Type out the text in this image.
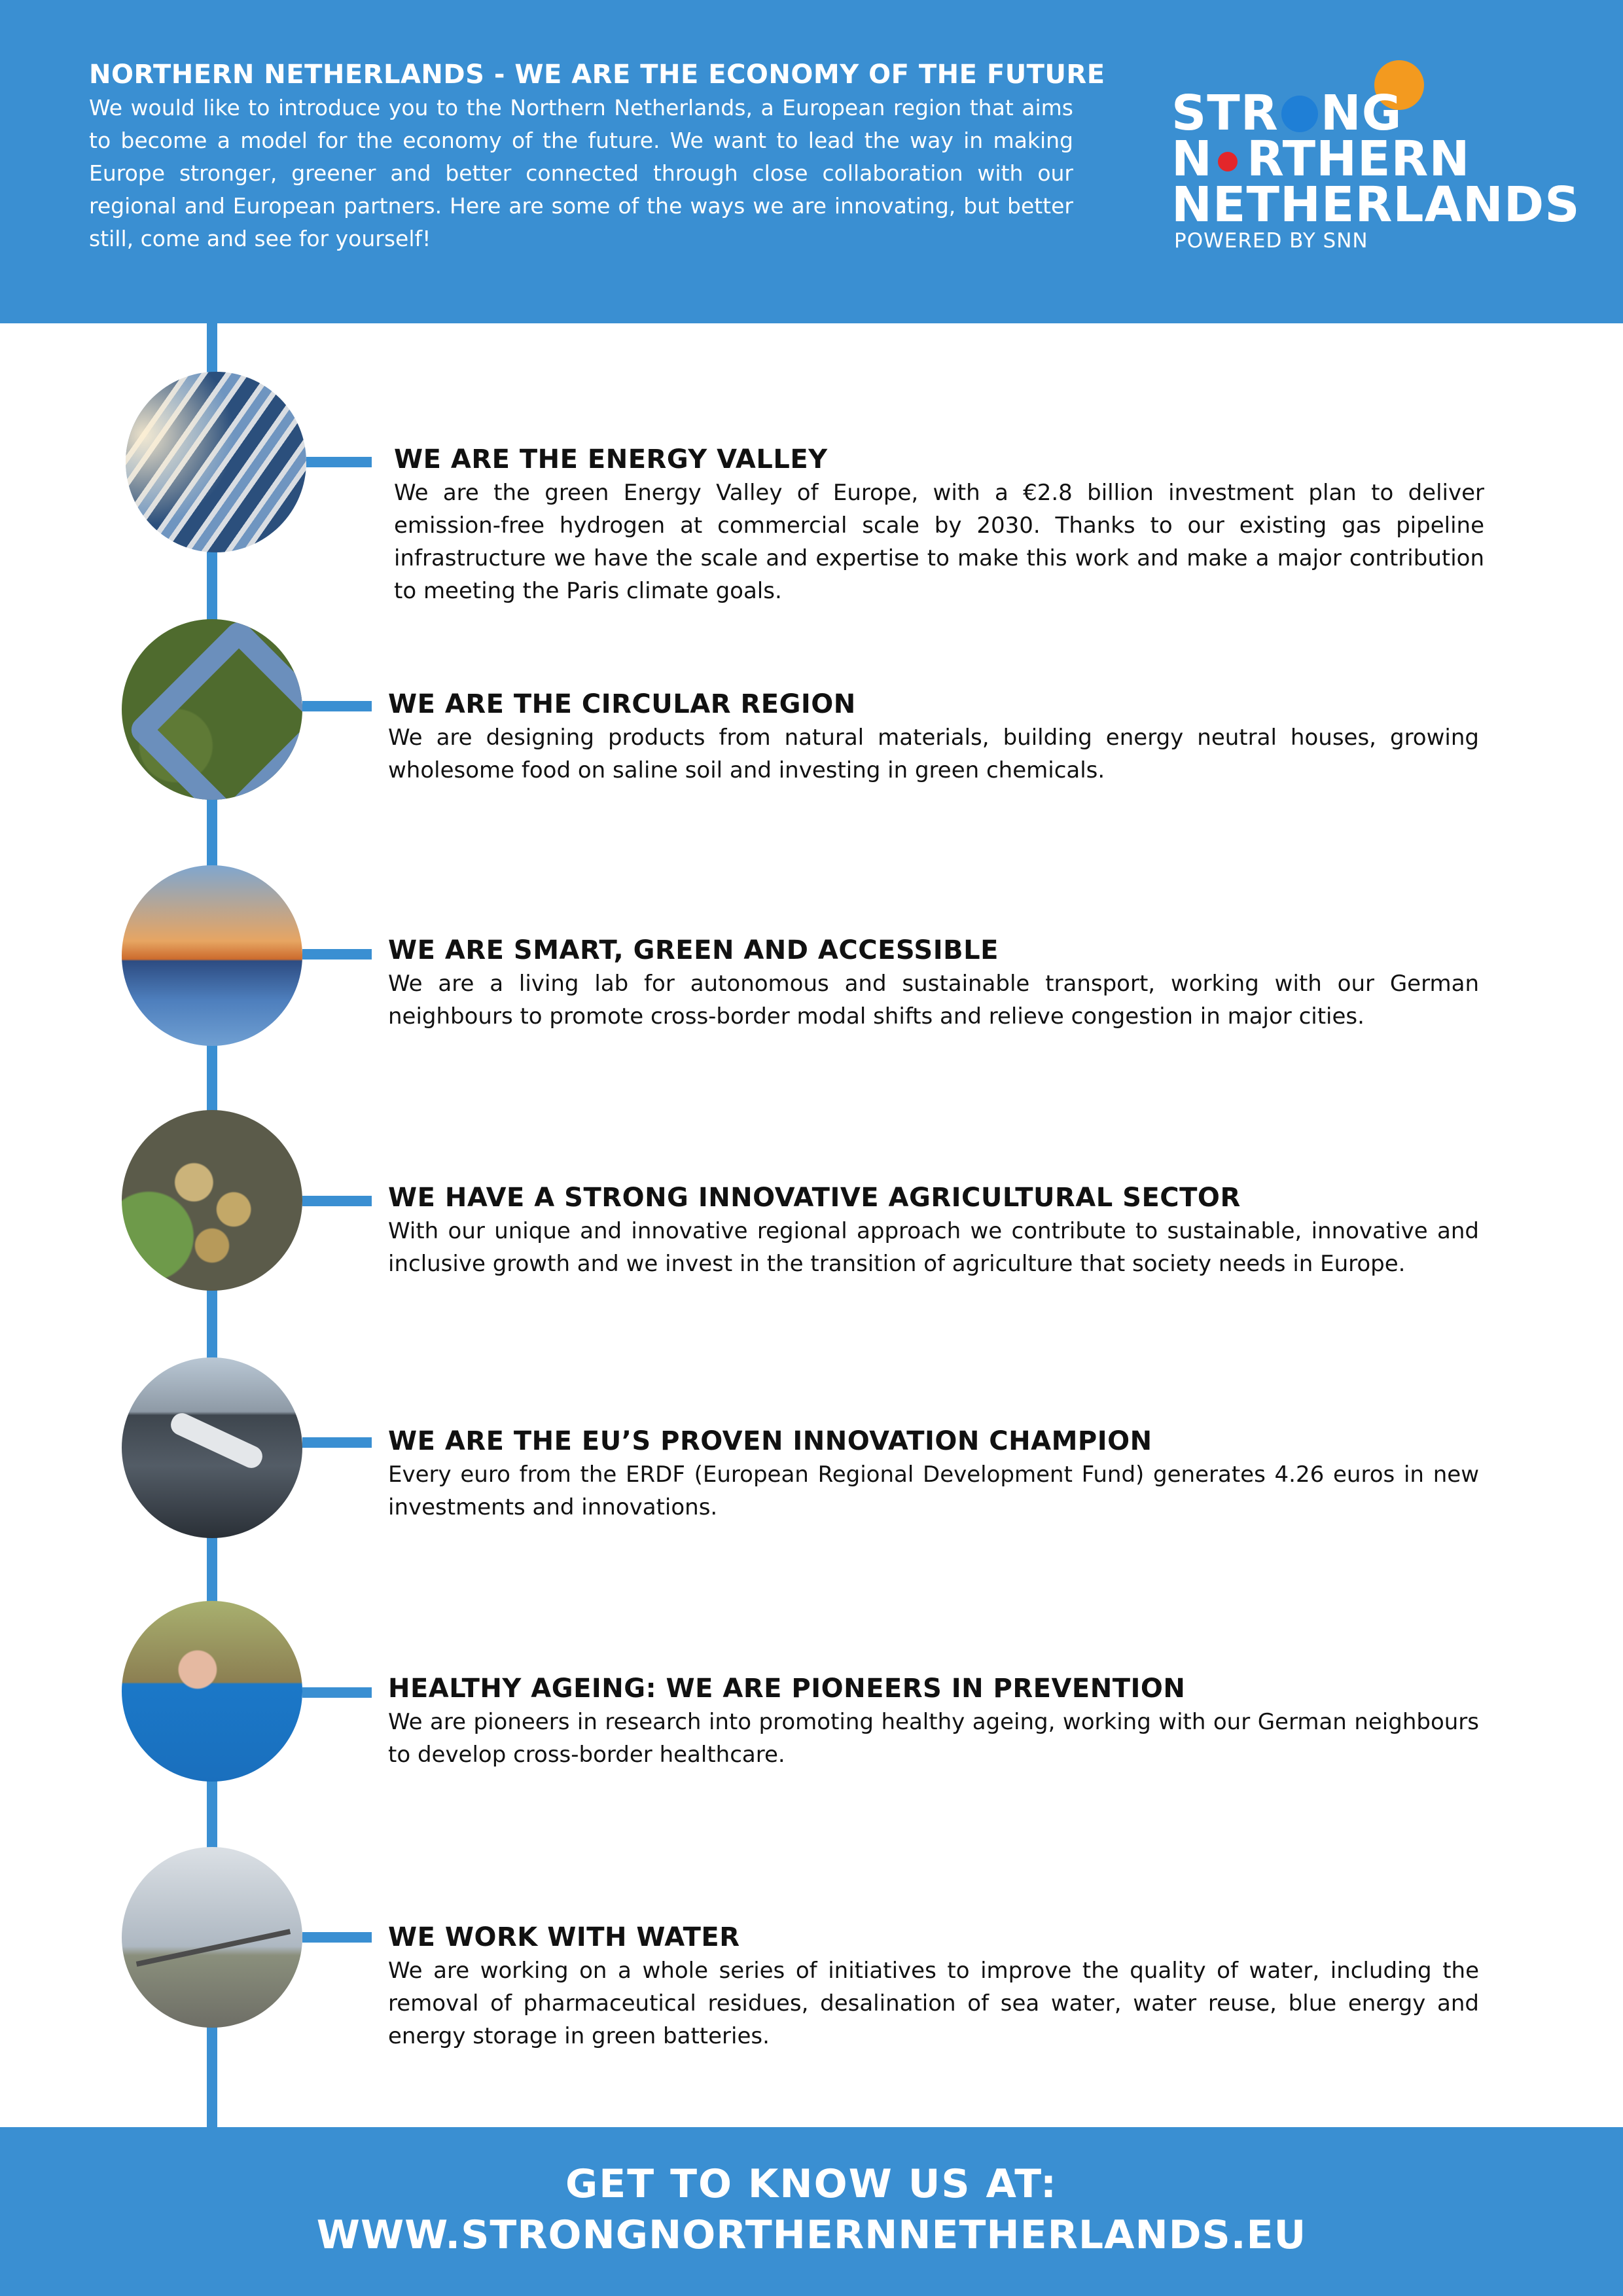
NORTHERN NETHERLANDS - WE ARE THE ECONOMY OF THE FUTURE

We would like to introduce you to the Northern Netherlands, a European region that aims to become a model for the economy of the future. We want to lead the way in making Europe stronger, greener and better connected through close collaboration with our regional and European partners. Here are some of the ways we are innovating, but better still, come and see for yourself!

STR NG
N RTHERN
NETHERLANDS
POWERED BY SNN
WE ARE THE ENERGY VALLEY

We are the green Energy Valley of Europe, with a €2.8 billion investment plan to deliver emission-free hydrogen at commercial scale by 2030. Thanks to our existing gas pipeline infrastructure we have the scale and expertise to make this work and make a major contribution to meeting the Paris climate goals.

WE ARE THE CIRCULAR REGION

We are designing products from natural materials, building energy neutral houses, growing wholesome food on saline soil and investing in green chemicals.

WE ARE SMART, GREEN AND ACCESSIBLE

We are a living lab for autonomous and sustainable transport, working with our German neighbours to promote cross-border modal shifts and relieve congestion in major cities.

WE HAVE A STRONG INNOVATIVE AGRICULTURAL SECTOR

With our unique and innovative regional approach we contribute to sustainable, innovative and inclusive growth and we invest in the transition of agriculture that society needs in Europe.

WE ARE THE EU’S PROVEN INNOVATION CHAMPION

Every euro from the ERDF (European Regional Development Fund) generates 4.26 euros in new investments and innovations.

HEALTHY AGEING: WE ARE PIONEERS IN PREVENTION

We are pioneers in research into promoting healthy ageing, working with our German neighbours to develop cross-border healthcare.

WE WORK WITH WATER

We are working on a whole series of initiatives to improve the quality of water, including the removal of pharmaceutical residues, desalination of sea water, water reuse, blue energy and energy storage in green batteries.

GET TO KNOW US AT:
WWW.STRONGNORTHERNNETHERLANDS.EU
